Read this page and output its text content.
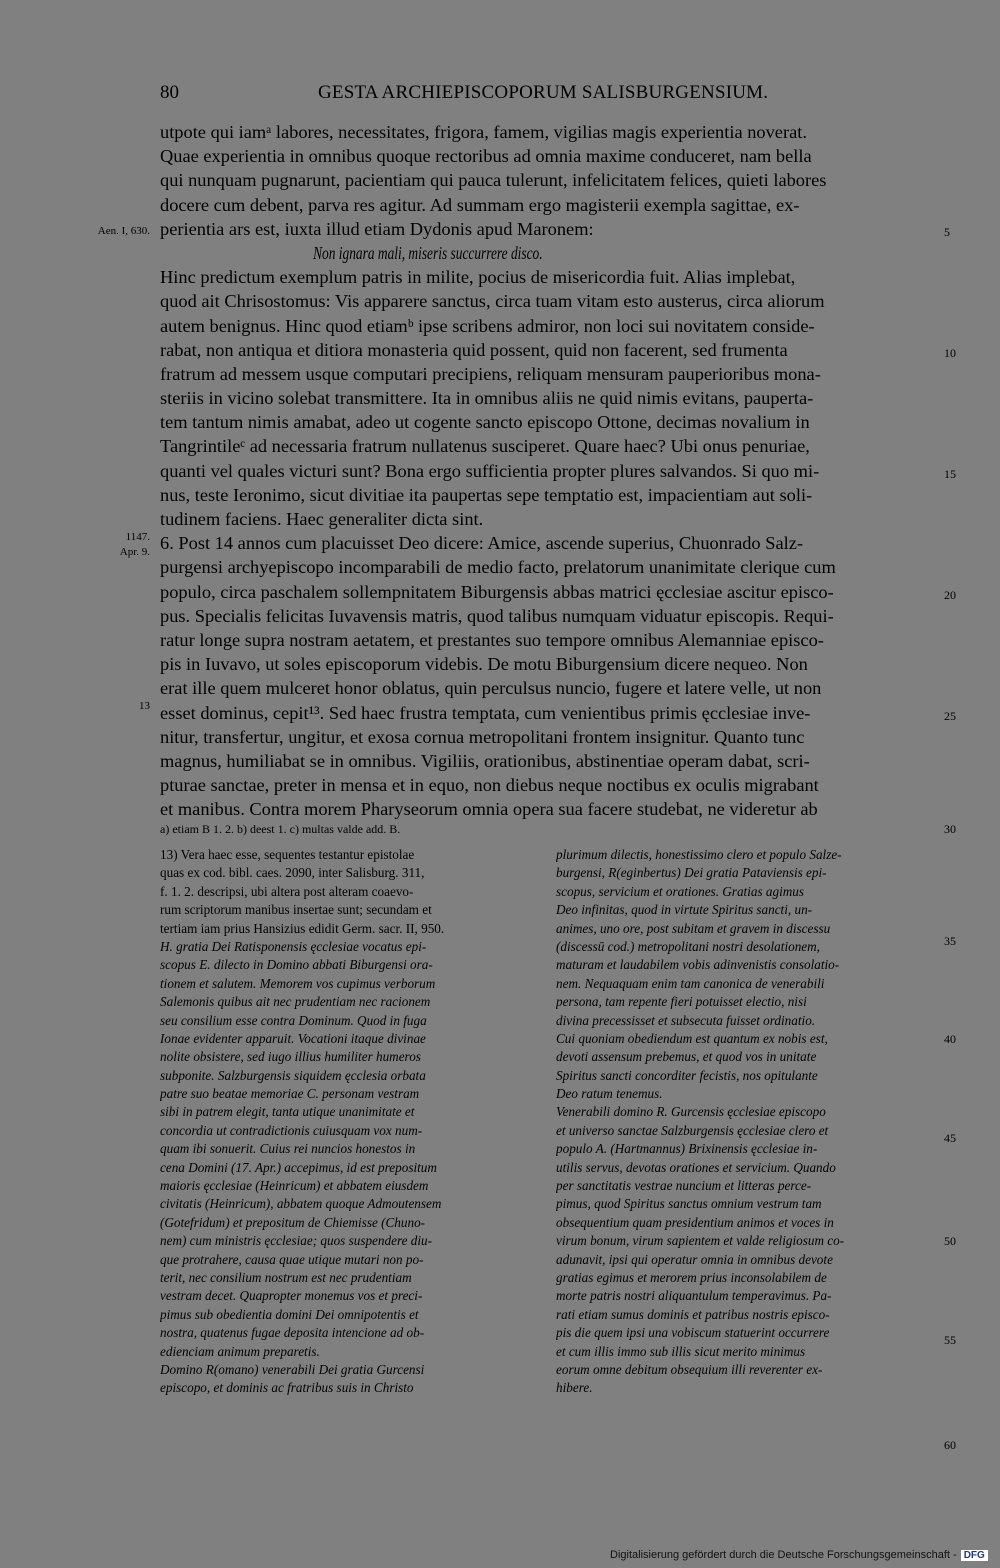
80	GESTA ARCHIEPISCOPORUM SALISBURGENSIUM.
utpote qui iamᵃ labores, necessitates, frigora, famem, vigilias magis experientia noverat.
Quae experientia in omnibus quoque rectoribus ad omnia maxime conduceret, nam bella
qui nunquam pugnarunt, pacientiam qui pauca tulerunt, infelicitatem felices, quieti labores
docere cum debent, parva res agitur. Ad summam ergo magisterii exempla sagittae, ex-
perientia ars est, iuxta illud etiam Dydonis apud Maronem:
Non ignara mali, miseris succurrere disco.
Hinc predictum exemplum patris in milite, pocius de misericordia fuit. Alias implebat,
quod ait Chrisostomus: Vis apparere sanctus, circa tuam vitam esto austerus, circa aliorum
autem benignus. Hinc quod etiamᵇ ipse scribens admiror, non loci sui novitatem conside-
rabat, non antiqua et ditiora monasteria quid possent, quid non facerent, sed frumenta
fratrum ad messem usque computari precipiens, reliquam mensuram pauperioribus mona-
steriis in vicino solebat transmittere. Ita in omnibus aliis ne quid nimis evitans, pauperta-
tem tantum nimis amabat, adeo ut cogente sancto episcopo Ottone, decimas novalium in
Tangrintileᶜ ad necessaria fratrum nullatenus susciperet. Quare haec? Ubi onus penuriae,
quanti vel quales victuri sunt? Bona ergo sufficientia propter plures salvandos. Si quo mi-
nus, teste Ieronimo, sicut divitiae ita paupertas sepe temptatio est, impacientiam aut soli-
tudinem faciens. Haec generaliter dicta sint.
6. Post 14 annos cum placuisset Deo dicere: Amice, ascende superius, Chuonrado Salz-
purgensi archyepiscopo incomparabili de medio facto, prelatorum unanimitate clerique cum
populo, circa paschalem sollempnitatem Biburgensis abbas matrici ęcclesiae ascitur episco-
pus. Specialis felicitas Iuvavensis matris, quod talibus numquam viduatur episcopis. Requi-
ratur longe supra nostram aetatem, et prestantes suo tempore omnibus Alemanniae episco-
pis in Iuvavo, ut soles episcoporum videbis. De motu Biburgensium dicere nequeo. Non
erat ille quem mulceret honor oblatus, quin perculsus nuncio, fugere et latere velle, ut non
esset dominus, cepit¹³. Sed haec frustra temptata, cum venientibus primis ęcclesiae inve-
nitur, transfertur, ungitur, et exosa cornua metropolitani frontem insignitur. Quanto tunc
magnus, humiliabat se in omnibus. Vigiliis, orationibus, abstinentiae operam dabat, scri-
pturae sanctae, preter in mensa et in equo, non diebus neque noctibus ex oculis migrabant
et manibus. Contra morem Pharyseorum omnia opera sua facere studebat, ne videretur ab
Aen. I, 630.
1147.
Apr. 9.
13
5
10
15
20
25
30
35
40
45
50
55
60
a) etiam B 1. 2. b) deest 1. c) multas valde add. B.
13) Vera haec esse, sequentes testantur epistolae
quas ex cod. bibl. caes. 2090, inter Salisburg. 311,
f. 1. 2. descripsi, ubi altera post alteram coaevo-
rum scriptorum manibus insertae sunt; secundam et
tertiam iam prius Hansizius edidit Germ. sacr. II, 950.
H. gratia Dei Ratisponensis ęcclesiae vocatus epi-
scopus E. dilecto in Domino abbati Biburgensi ora-
tionem et salutem. Memorem vos cupimus verborum
Salemonis quibus ait nec prudentiam nec racionem
seu consilium esse contra Dominum. Quod in fuga
Ionae evidenter apparuit. Vocationi itaque divinae
nolite obsistere, sed iugo illius humiliter humeros
subponite. Salzburgensis siquidem ęcclesia orbata
patre suo beatae memoriae C. personam vestram
sibi in patrem elegit, tanta utique unanimitate et
concordia ut contradictionis cuiusquam vox num-
quam ibi sonuerit. Cuius rei nuncios honestos in
cena Domini (17. Apr.) accepimus, id est prepositum
maioris ęcclesiae (Heinricum) et abbatem eiusdem
civitatis (Heinricum), abbatem quoque Admoutensem
(Gotefridum) et prepositum de Chiemisse (Chuno-
nem) cum ministris ęcclesiae; quos suspendere diu-
que protrahere, causa quae utique mutari non po-
terit, nec consilium nostrum est nec prudentiam
vestram decet. Quapropter monemus vos et preci-
pimus sub obedientia domini Dei omnipotentis et
nostra, quatenus fugae deposita intencione ad ob-
edienciam animum preparetis.
Domino R(omano) venerabili Dei gratia Gurcensi
episcopo, et dominis ac fratribus suis in Christo
plurimum dilectis, honestissimo clero et populo Salze-
burgensi, R(eginbertus) Dei gratia Pataviensis epi-
scopus, servicium et orationes. Gratias agimus
Deo infinitas, quod in virtute Spiritus sancti, un-
animes, uno ore, post subitam et gravem in discessu
(discessū cod.) metropolitani nostri desolationem,
maturam et laudabilem vobis adinvenistis consolatio-
nem. Nequaquam enim tam canonica de venerabili
persona, tam repente fieri potuisset electio, nisi
divina precessisset et subsecuta fuisset ordinatio.
Cui quoniam obediendum est quantum ex nobis est,
devoti assensum prebemus, et quod vos in unitate
Spiritus sancti concorditer fecistis, nos opitulante
Deo ratum tenemus.
Venerabili domino R. Gurcensis ęcclesiae episcopo
et universo sanctae Salzburgensis ęcclesiae clero et
populo A. (Hartmannus) Brixinensis ęcclesiae in-
utilis servus, devotas orationes et servicium. Quando
per sanctitatis vestrae nuncium et litteras perce-
pimus, quod Spiritus sanctus omnium vestrum tam
obsequentium quam presidentium animos et voces in
virum bonum, virum sapientem et valde religiosum co-
adunavit, ipsi qui operatur omnia in omnibus devote
gratias egimus et merorem prius inconsolabilem de
morte patris nostri aliquantulum temperavimus. Pa-
rati etiam sumus dominis et patribus nostris episco-
pis die quem ipsi una vobiscum statuerint occurrere
et cum illis immo sub illis sicut merito minimus
eorum omne debitum obsequium illi reverenter ex-
hibere.
Digitalisierung gefördert durch die Deutsche Forschungsgemeinschaft - DFG
